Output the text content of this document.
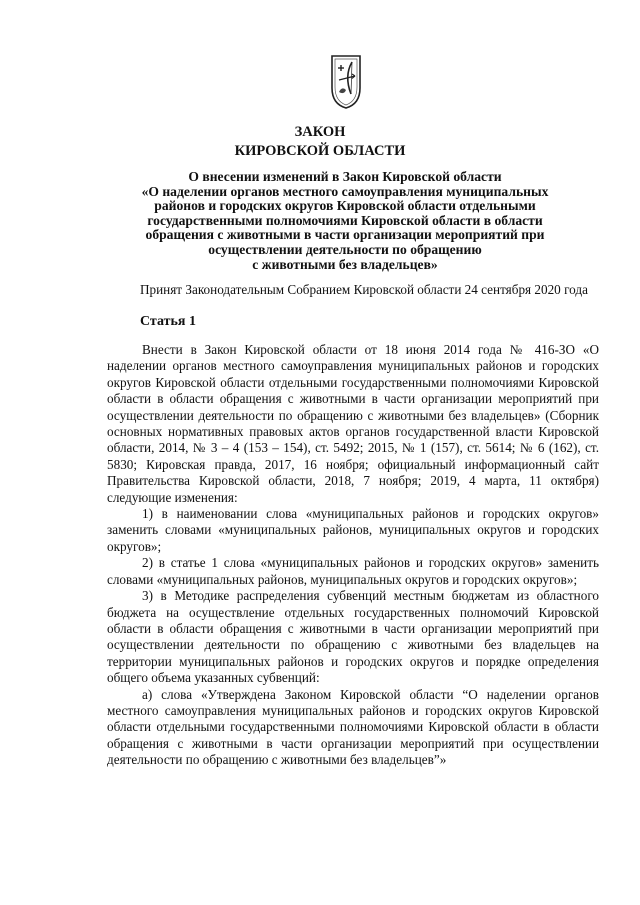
ЗАКОН
КИРОВСКОЙ ОБЛАСТИ
О внесении изменений в Закон Кировской области
«О наделении органов местного самоуправления муниципальных
районов и городских округов Кировской области отдельными
государственными полномочиями Кировской области в области
обращения с животными в части организации мероприятий при
осуществлении деятельности по обращению
с животными без владельцев»
Принят Законодательным Собранием Кировской области 24 сентября 2020 года
Статья 1
Внести в Закон Кировской области от 18 июня 2014 года № 416-ЗО «О наделении органов местного самоуправления муниципальных районов и городских округов Кировской области отдельными государственными полномочиями Кировской области в области обращения с животными в части организации мероприятий при осуществлении деятельности по обращению с животными без владельцев» (Сборник основных нормативных правовых актов органов государственной власти Кировской области, 2014, № 3 – 4 (153 – 154), ст. 5492; 2015, № 1 (157), ст. 5614; № 6 (162), ст. 5830; Кировская правда, 2017, 16 ноября; официальный информационный сайт Правительства Кировской области, 2018, 7 ноября; 2019, 4 марта, 11 октября) следующие изменения:
1) в наименовании слова «муниципальных районов и городских округов» заменить словами «муниципальных районов, муниципальных округов и городских округов»;
2) в статье 1 слова «муниципальных районов и городских округов» заменить словами «муниципальных районов, муниципальных округов и городских округов»;
3) в Методике распределения субвенций местным бюджетам из областного бюджета на осуществление отдельных государственных полномочий Кировской области в области обращения с животными в части организации мероприятий при осуществлении деятельности по обращению с животными без владельцев на территории муниципальных районов и городских округов и порядке определения общего объема указанных субвенций:
а) слова «Утверждена Законом Кировской области “О наделении органов местного самоуправления муниципальных районов и городских округов Кировской области отдельными государственными полномочиями Кировской области в области обращения с животными в части организации мероприятий при осуществлении деятельности по обращению с животными без владельцев”»
